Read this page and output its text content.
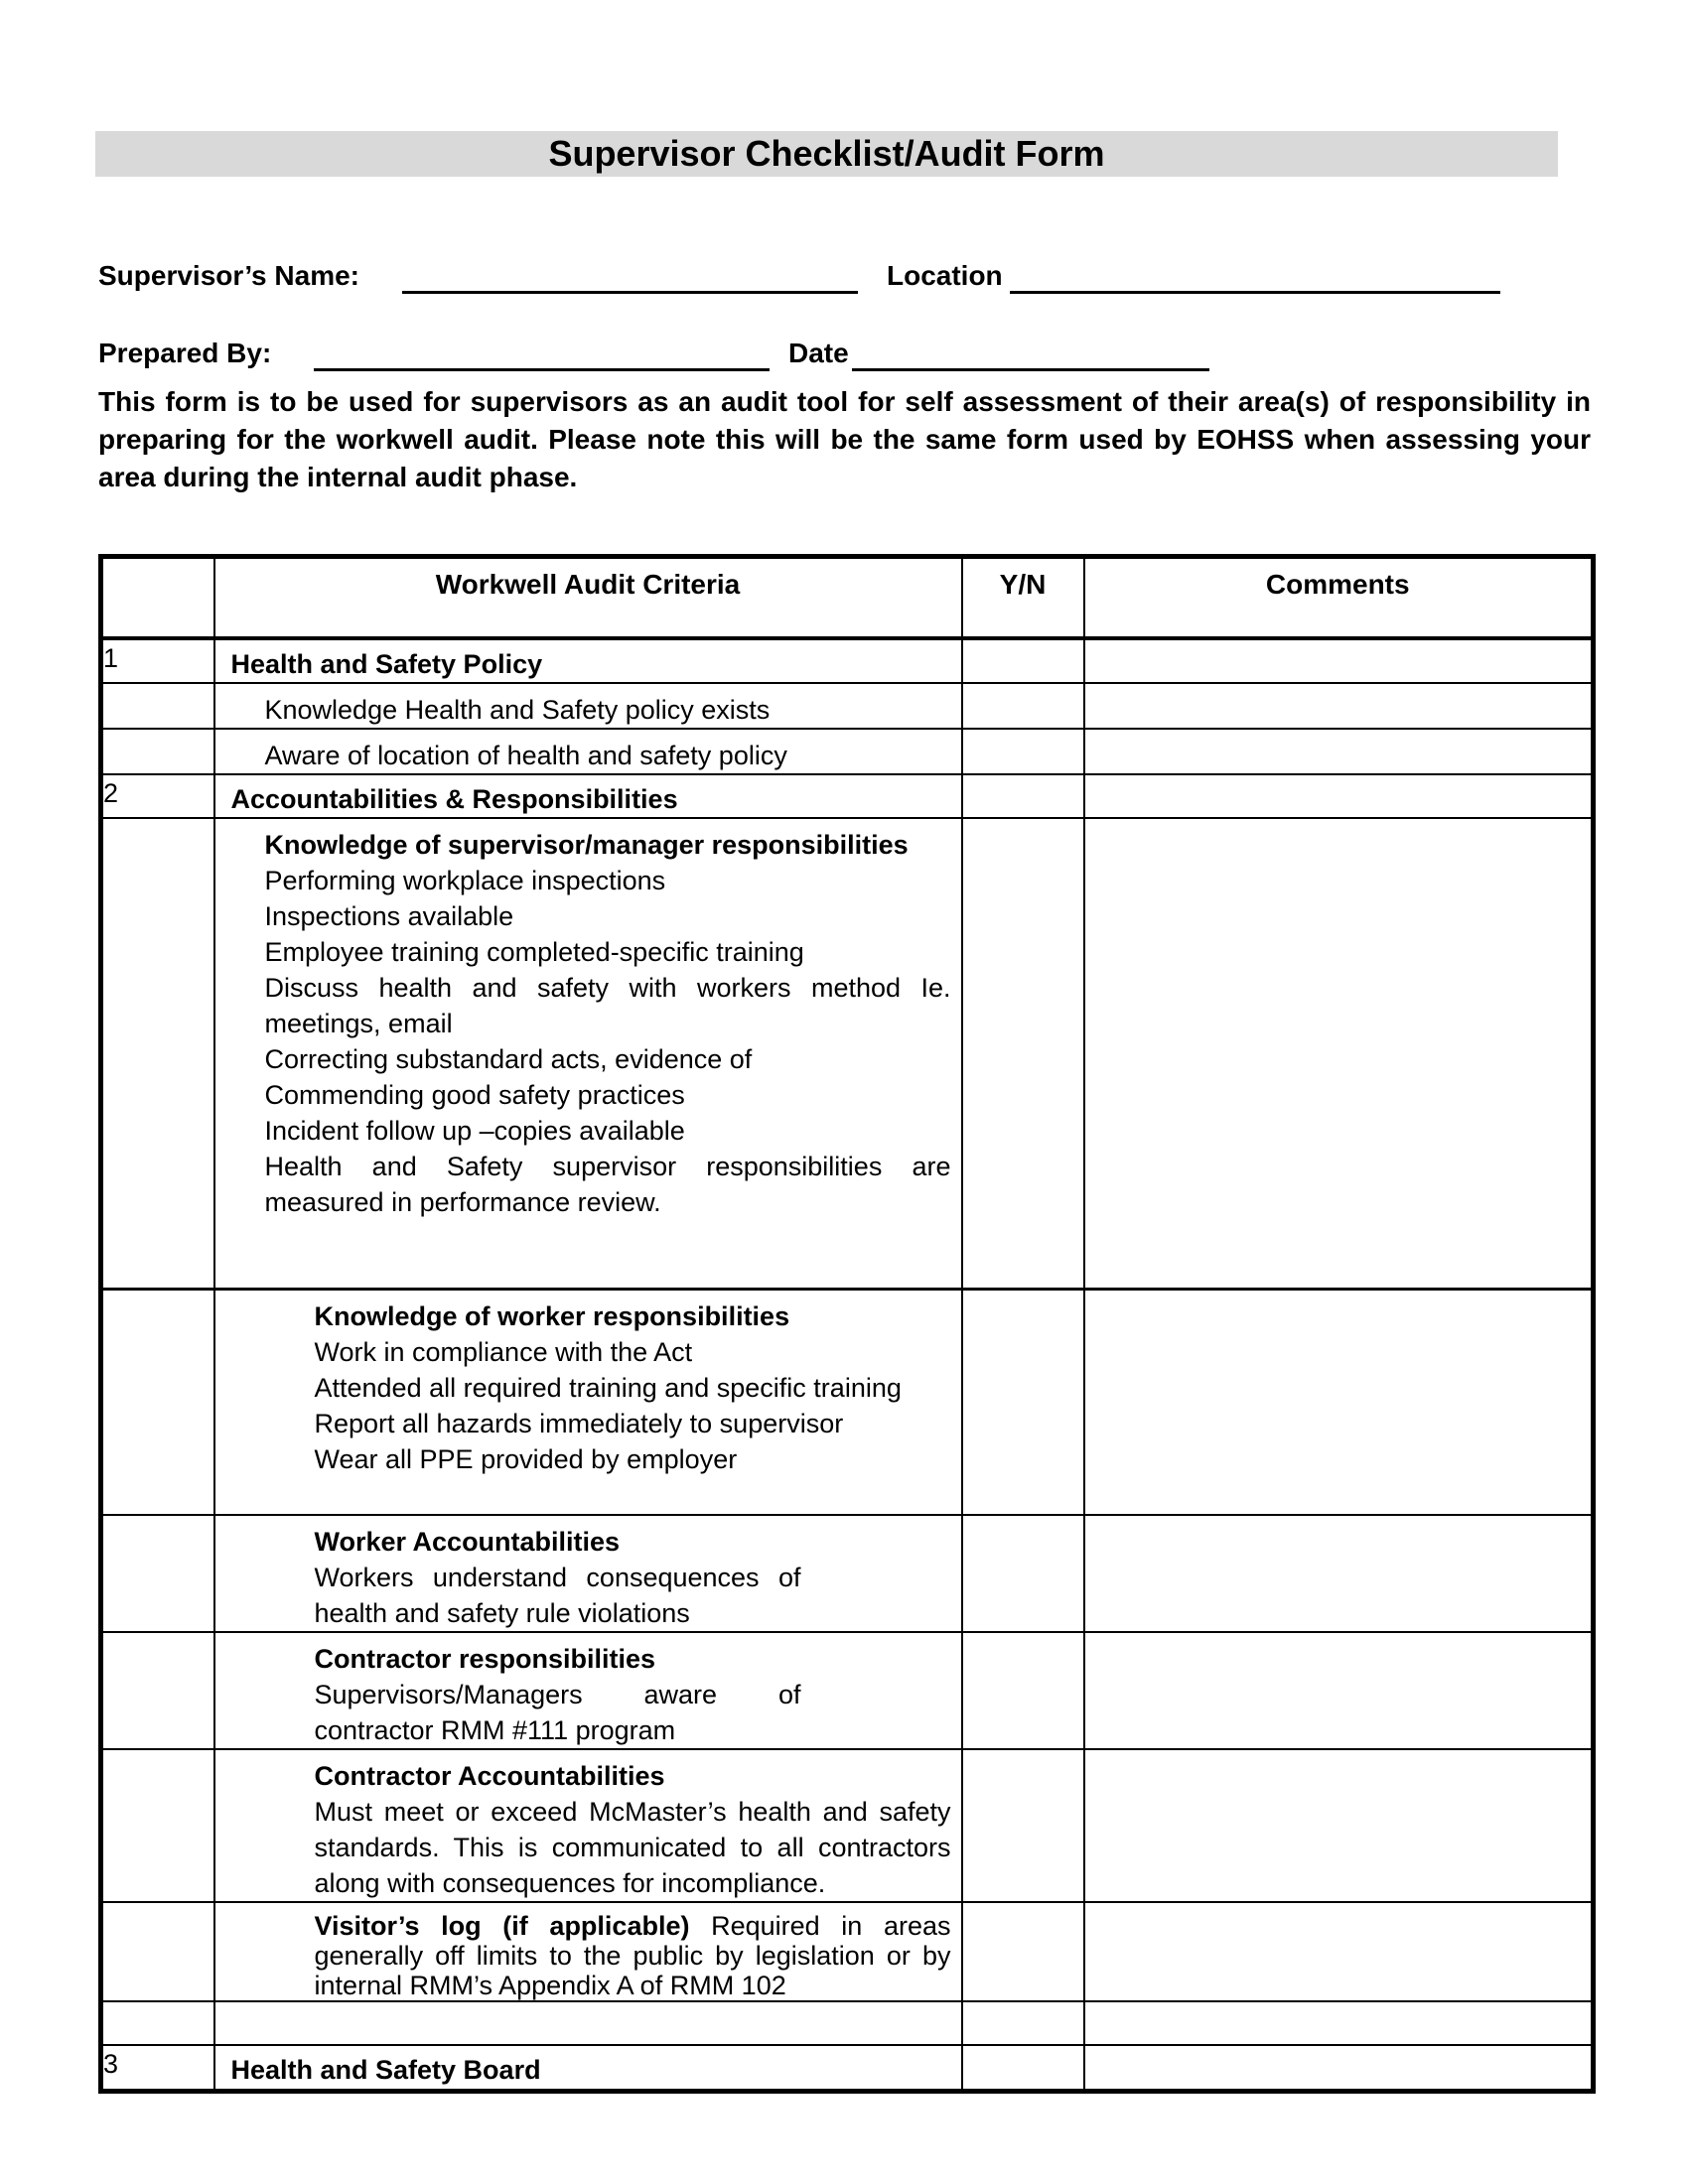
Supervisor Checklist/Audit Form
Supervisor’s Name:	Location
Prepared By:	Date
This form is to be used for supervisors as an audit tool for self assessment of their area(s) of responsibility in preparing for the workwell audit. Please note this will be the same form used by EOHSS when assessing your area during the internal audit phase.
	Workwell Audit Criteria	Y/N	Comments
1	Health and Safety Policy		

	Knowledge Health and Safety policy exists		

	Aware of location of health and safety policy		

2	Accountabilities & Responsibilities		

Knowledge of supervisor/manager responsibilities
Performing workplace inspections
Inspections available
Employee training completed-specific training
Discuss health and safety with workers method Ie. meetings, email
Correcting substandard acts, evidence of
Commending good safety practices
Incident follow up –copies available
Health and Safety supervisor responsibilities are measured in performance review.

	Knowledge of worker responsibilities
Work in compliance with the Act
Attended all required training and specific training
Report all hazards immediately to supervisor
Wear all PPE provided by employer		

	Worker Accountabilities
Workers understand consequences of health and safety rule violations		

	Contractor responsibilities
Supervisors/Managers aware of contractor RMM #111 program		

	Contractor Accountabilities
Must meet or exceed McMaster’s health and safety standards. This is communicated to all contractors along with consequences for incompliance.		

	Visitor’s log (if applicable) Required in areas generally off limits to the public by legislation or by internal RMM’s Appendix A of RMM 102		

3	Health and Safety Board		
